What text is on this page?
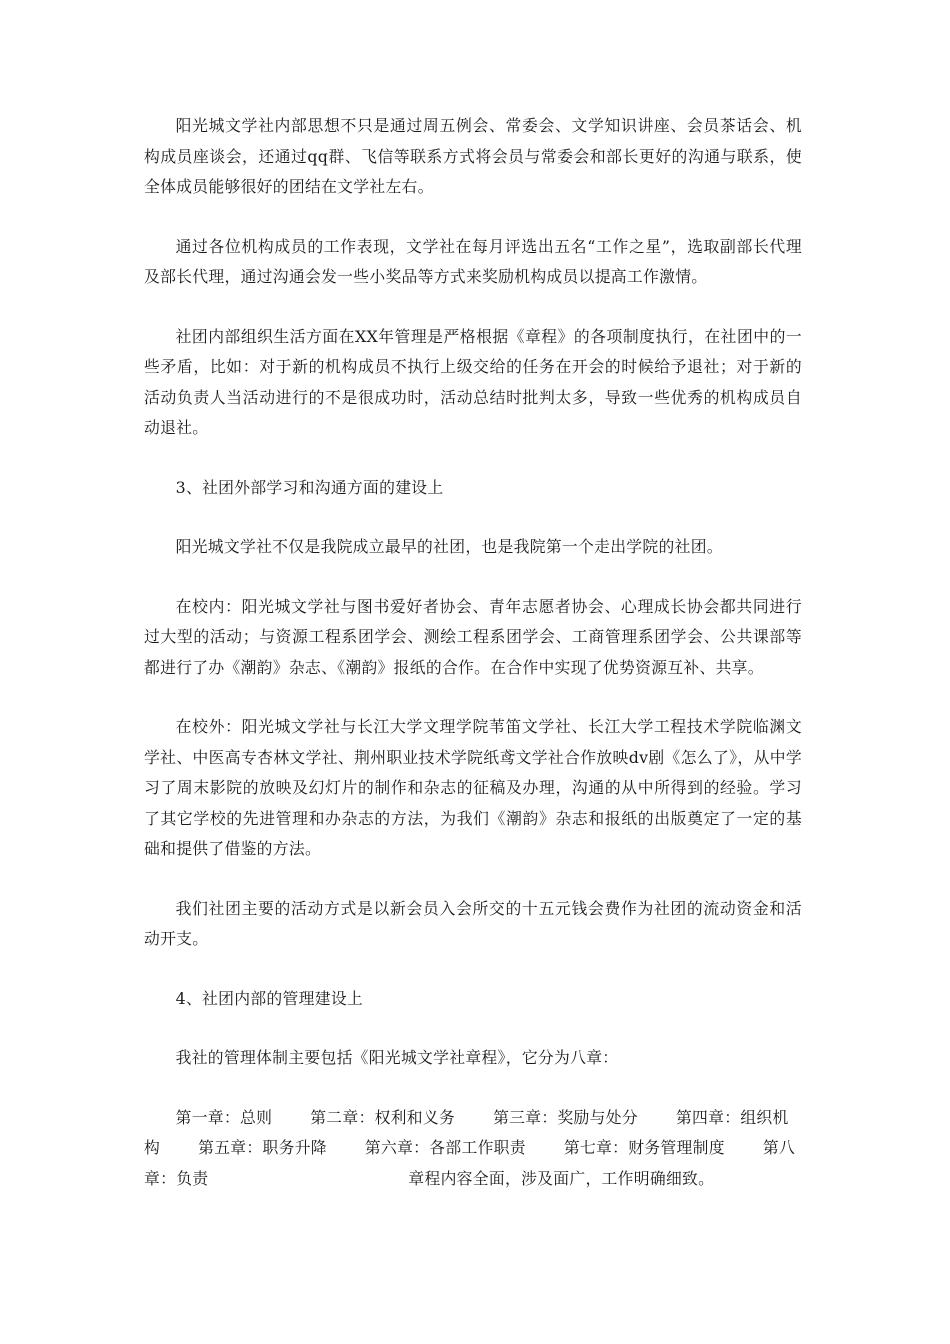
阳光城文学社内部思想不只是通过周五例会、常委会、文学知识讲座、会员茶话会、机构成员座谈会，还通过qq群、飞信等联系方式将会员与常委会和部长更好的沟通与联系，使全体成员能够很好的团结在文学社左右。

通过各位机构成员的工作表现，文学社在每月评选出五名“工作之星”，选取副部长代理及部长代理，通过沟通会发一些小奖品等方式来奖励机构成员以提高工作激情。

社团内部组织生活方面在XX年管理是严格根据《章程》的各项制度执行，在社团中的一些矛盾，比如：对于新的机构成员不执行上级交给的任务在开会的时候给予退社；对于新的活动负责人当活动进行的不是很成功时，活动总结时批判太多，导致一些优秀的机构成员自动退社。

3、社团外部学习和沟通方面的建设上

阳光城文学社不仅是我院成立最早的社团，也是我院第一个走出学院的社团。

在校内：阳光城文学社与图书爱好者协会、青年志愿者协会、心理成长协会都共同进行过大型的活动；与资源工程系团学会、测绘工程系团学会、工商管理系团学会、公共课部等都进行了办《潮韵》杂志、《潮韵》报纸的合作。在合作中实现了优势资源互补、共享。

在校外：阳光城文学社与长江大学文理学院苇笛文学社、长江大学工程技术学院临渊文学社、中医高专杏林文学社、荆州职业技术学院纸鸢文学社合作放映dv剧《怎么了》，从中学习了周末影院的放映及幻灯片的制作和杂志的征稿及办理，沟通的从中所得到的经验。学习了其它学校的先进管理和办杂志的方法，为我们《潮韵》杂志和报纸的出版奠定了一定的基础和提供了借鉴的方法。

我们社团主要的活动方式是以新会员入会所交的十五元钱会费作为社团的流动资金和活动开支。

4、社团内部的管理建设上

我社的管理体制主要包括《阳光城文学社章程》，它分为八章：

第一章：总则 第二章：权利和义务 第三章：奖励与处分 第四章：组织机构 第五章：职务升降 第六章：各部工作职责 第七章：财务管理制度 第八章：负责	章程内容全面，涉及面广，工作明确细致。
